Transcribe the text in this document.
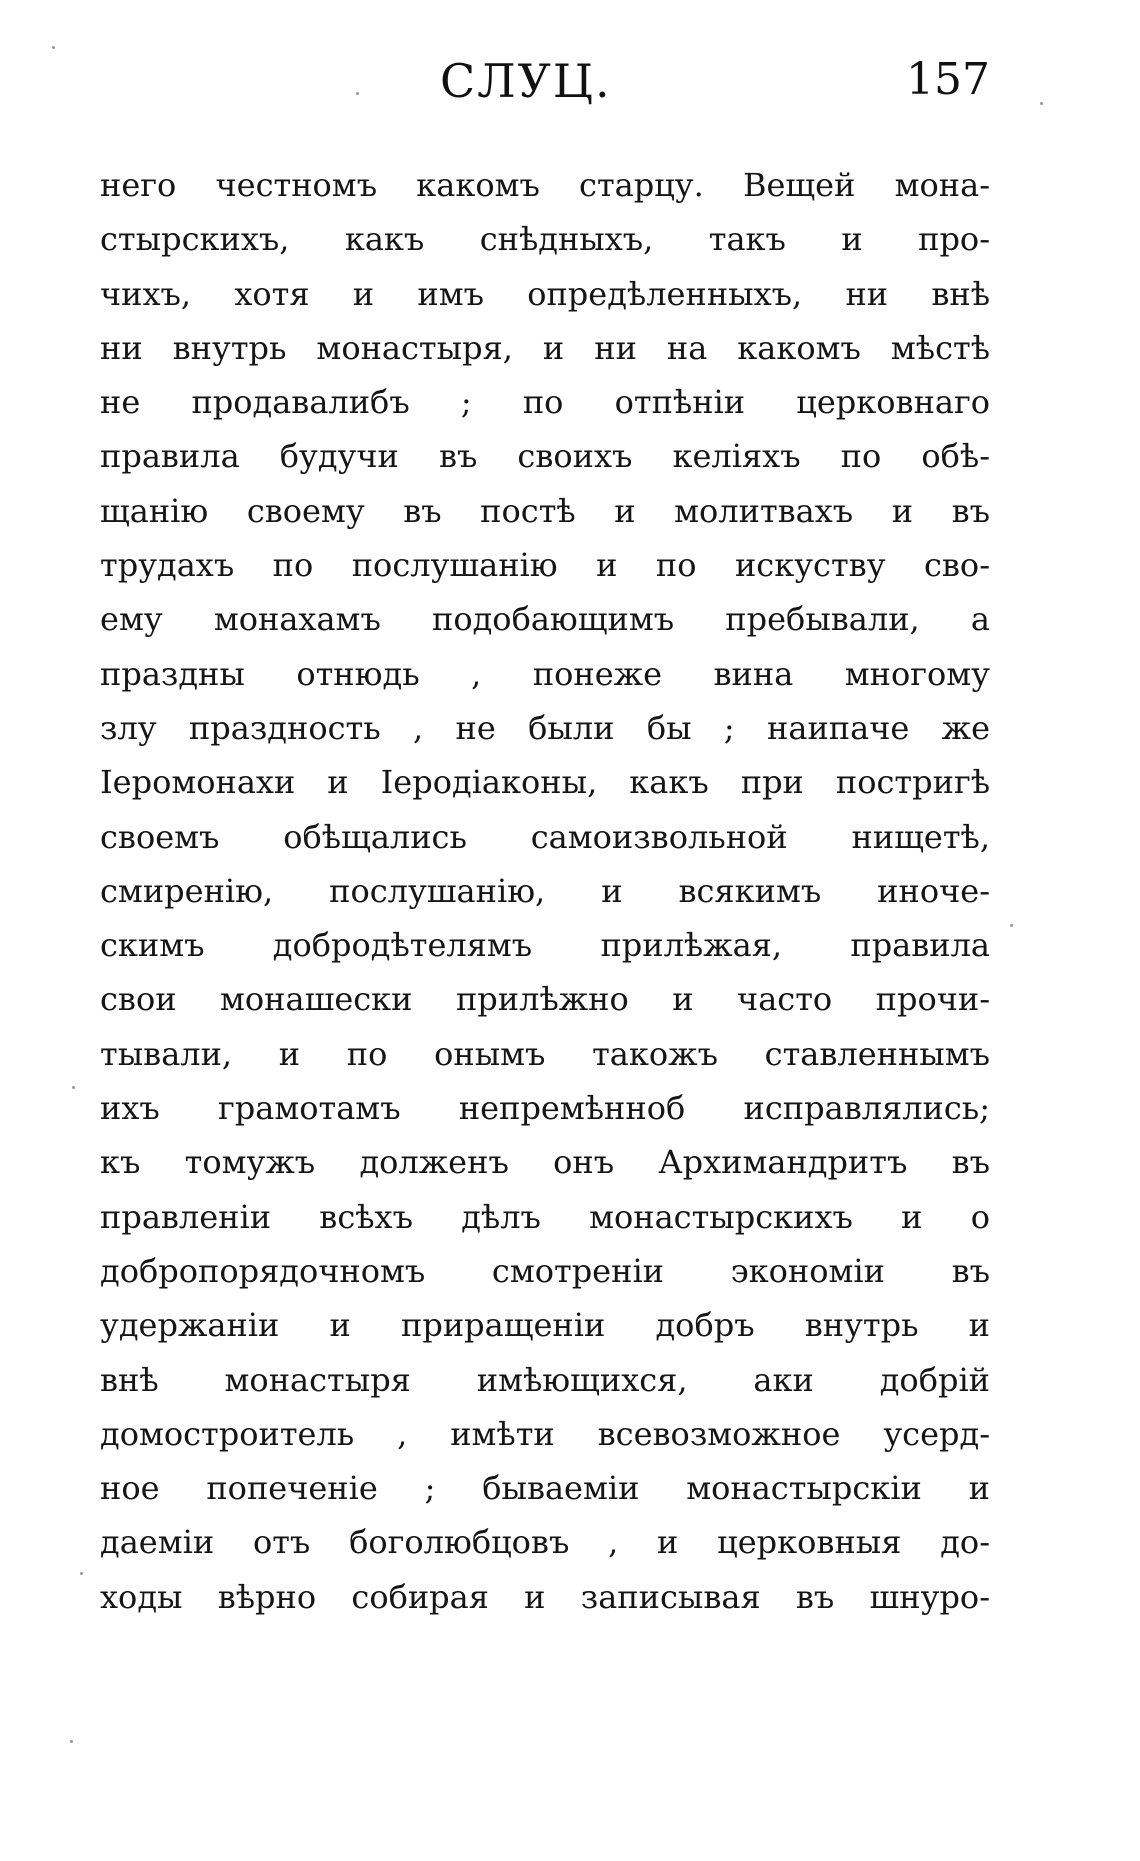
СЛУЦ.	157
него честномъ какомъ старцу. Вещей мона-
стырскихъ, какъ снѣдныхъ, такъ и про-
чихъ, хотя и имъ опредѣленныхъ, ни внѣ
ни внутрь монастыря, и ни на какомъ мѣстѣ
не продавалибъ ; по отпѣнiи церковнаго
правила будучи въ своихъ келiяхъ по обѣ-
щанiю своему въ постѣ и молитвахъ и въ
трудахъ по послушанiю и по искуству сво-
ему монахамъ подобающимъ пребывали, а
праздны отнюдь , понеже вина многому
злу праздность , не были бы ; наипаче же
Iеромонахи и Iеродiаконы, какъ при постригѣ
своемъ обѣщались самоизвольной нищетѣ,
смиренiю, послушанiю, и всякимъ иноче-
скимъ добродѣтелямъ прилѣжая, правила
свои монашески прилѣжно и часто прочи-
тывали, и по онымъ такожъ ставленнымъ
ихъ грамотамъ непремѣнноб исправлялись;
къ томужъ долженъ онъ Архимандритъ въ
правленiи всѣхъ дѣлъ монастырскихъ и о
добропорядочномъ смотренiи экономiи въ
удержанiи и приращенiи добръ внутрь и
внѣ монастыря имѣющихся, аки добрiй
домостроитель , имѣти всевозможное усерд-
ное попеченiе ; бываемiи монастырскiи и
даемiи отъ боголюбцовъ , и церковныя до-
ходы вѣрно собирая и записывая въ шнуро-
